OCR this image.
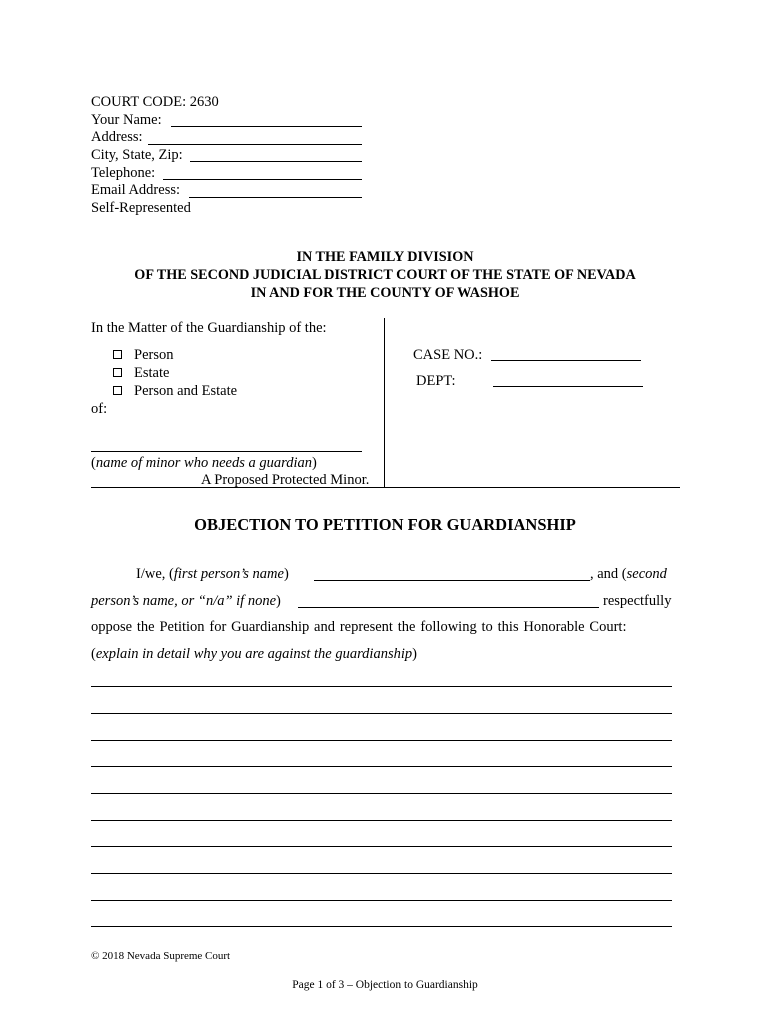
COURT CODE: 2630
Your Name:
Address:
City, State, Zip:
Telephone:
Email Address:
Self-Represented
IN THE FAMILY DIVISION
OF THE SECOND JUDICIAL DISTRICT COURT OF THE STATE OF NEVADA
IN AND FOR THE COUNTY OF WASHOE
In the Matter of the Guardianship of the:
Person
Estate
Person and Estate
of:
(name of minor who needs a guardian)
A Proposed Protected Minor.
CASE NO.:
DEPT:
OBJECTION TO PETITION FOR GUARDIANSHIP
I/we, (first person’s name)	, and (second
person’s name, or “n/a” if none)	respectfully
oppose the Petition for Guardianship and represent the following to this Honorable Court:
(explain in detail why you are against the guardianship)
© 2018 Nevada Supreme Court
Page 1 of 3 – Objection to Guardianship
